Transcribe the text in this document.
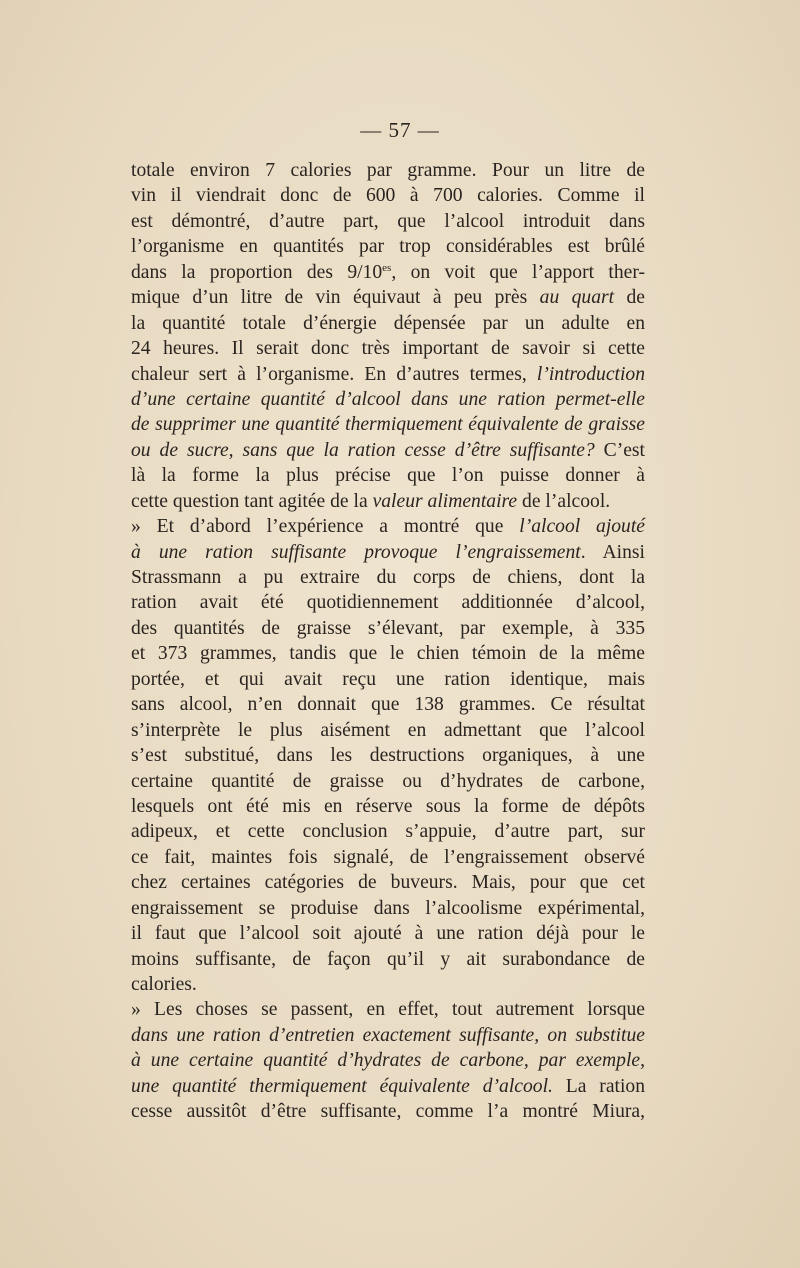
— 57 —

totale environ 7 calories par gramme. Pour un litre de
vin il viendrait donc de 600 à 700 calories. Comme il
est démontré, d’autre part, que l’alcool introduit dans
l’organisme en quantités par trop considérables est brûlé
dans la proportion des $9/10^{es}$, on voit que l’apport ther-
mique d’un litre de vin équivaut à peu près au quart de
la quantité totale d’énergie dépensée par un adulte en
24 heures. Il serait donc très important de savoir si cette
chaleur sert à l’organisme. En d’autres termes, l’introduction
d’une certaine quantité d’alcool dans une ration permet-elle
de supprimer une quantité thermiquement équivalente de graisse
ou de sucre, sans que la ration cesse d’être suffisante? C’est
là la forme la plus précise que l’on puisse donner à
cette question tant agitée de la valeur alimentaire de l’alcool.
» Et d’abord l’expérience a montré que l’alcool ajouté
à une ration suffisante provoque l’engraissement. Ainsi
Strassmann a pu extraire du corps de chiens, dont la
ration avait été quotidiennement additionnée d’alcool,
des quantités de graisse s’élevant, par exemple, à 335
et 373 grammes, tandis que le chien témoin de la même
portée, et qui avait reçu une ration identique, mais
sans alcool, n’en donnait que 138 grammes. Ce résultat
s’interprète le plus aisément en admettant que l’alcool
s’est substitué, dans les destructions organiques, à une
certaine quantité de graisse ou d’hydrates de carbone,
lesquels ont été mis en réserve sous la forme de dépôts
adipeux, et cette conclusion s’appuie, d’autre part, sur
ce fait, maintes fois signalé, de l’engraissement observé
chez certaines catégories de buveurs. Mais, pour que cet
engraissement se produise dans l’alcoolisme expérimental,
il faut que l’alcool soit ajouté à une ration déjà pour le
moins suffisante, de façon qu’il y ait surabondance de
calories.
» Les choses se passent, en effet, tout autrement lorsque
dans une ration d’entretien exactement suffisante, on substitue
à une certaine quantité d’hydrates de carbone, par exemple,
une quantité thermiquement équivalente d’alcool. La ration
cesse aussitôt d’être suffisante, comme l’a montré Miura,
